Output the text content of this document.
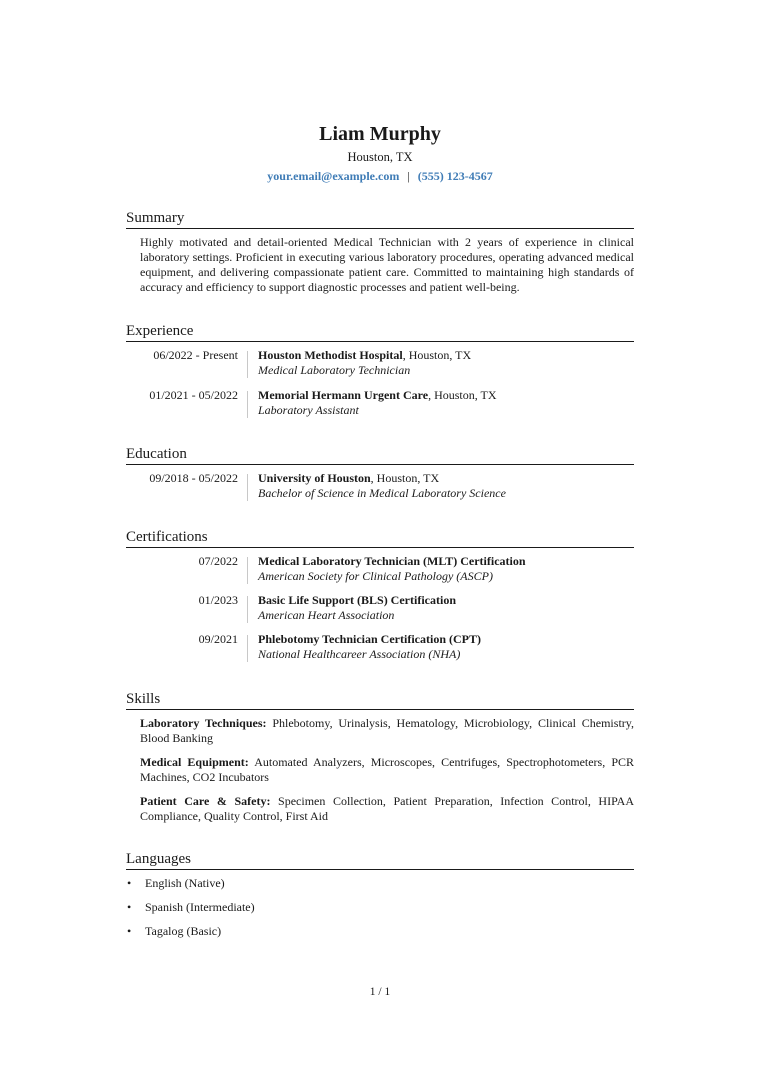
Liam Murphy
Houston, TX
your.email@example.com | (555) 123-4567
Summary
Highly motivated and detail-oriented Medical Technician with 2 years of experience in clinical laboratory settings. Proficient in executing various laboratory procedures, operating advanced medical equipment, and delivering compassionate patient care. Committed to maintaining high standards of accuracy and efficiency to support diagnostic processes and patient well-being.
Experience
06/2022 - Present Houston Methodist Hospital, Houston, TX
Medical Laboratory Technician
01/2021 - 05/2022 Memorial Hermann Urgent Care, Houston, TX
Laboratory Assistant
Education
09/2018 - 05/2022 University of Houston, Houston, TX
Bachelor of Science in Medical Laboratory Science
Certifications
07/2022 Medical Laboratory Technician (MLT) Certification
American Society for Clinical Pathology (ASCP)
01/2023 Basic Life Support (BLS) Certification
American Heart Association
09/2021 Phlebotomy Technician Certification (CPT)
National Healthcareer Association (NHA)
Skills

Laboratory Techniques: Phlebotomy, Urinalysis, Hematology, Microbiology, Clinical Chemistry, Blood Banking

Medical Equipment: Automated Analyzers, Microscopes, Centrifuges, Spectrophotometers, PCR Machines, CO2 Incubators

Patient Care & Safety: Specimen Collection, Patient Preparation, Infection Control, HIPAA Compliance, Quality Control, First Aid

Languages
• English (Native)
• Spanish (Intermediate)
• Tagalog (Basic)
1 / 1
